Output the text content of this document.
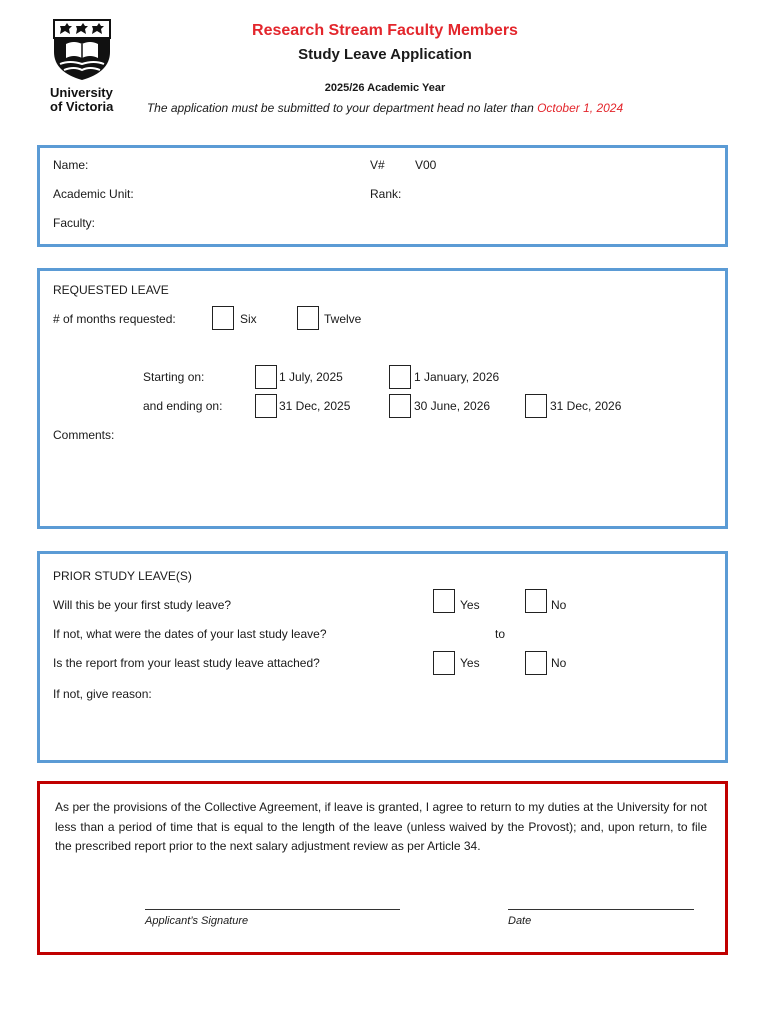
University
of Victoria
Research Stream Faculty Members
Study Leave Application
2025/26 Academic Year
The application must be submitted to your department head no later than October 1, 2024
Name:	V#	V00
Academic Unit:	Rank:
Faculty:
REQUESTED LEAVE
# of months requested:	Six	Twelve
Starting on:	1 July, 2025	1 January, 2026
and ending on:	31 Dec, 2025	30 June, 2026	31 Dec, 2026
Comments:
PRIOR STUDY LEAVE(S)
Will this be your first study leave?	Yes	No
If not, what were the dates of your last study leave?	to
Is the report from your least study leave attached?	Yes	No
If not, give reason:
As per the provisions of the Collective Agreement, if leave is granted, I agree to return to my duties at the University for not less than a period of time that is equal to the length of the leave (unless waived by the Provost); and, upon return, to file the prescribed report prior to the next salary adjustment review as per Article 34.
Applicant’s Signature	Date
